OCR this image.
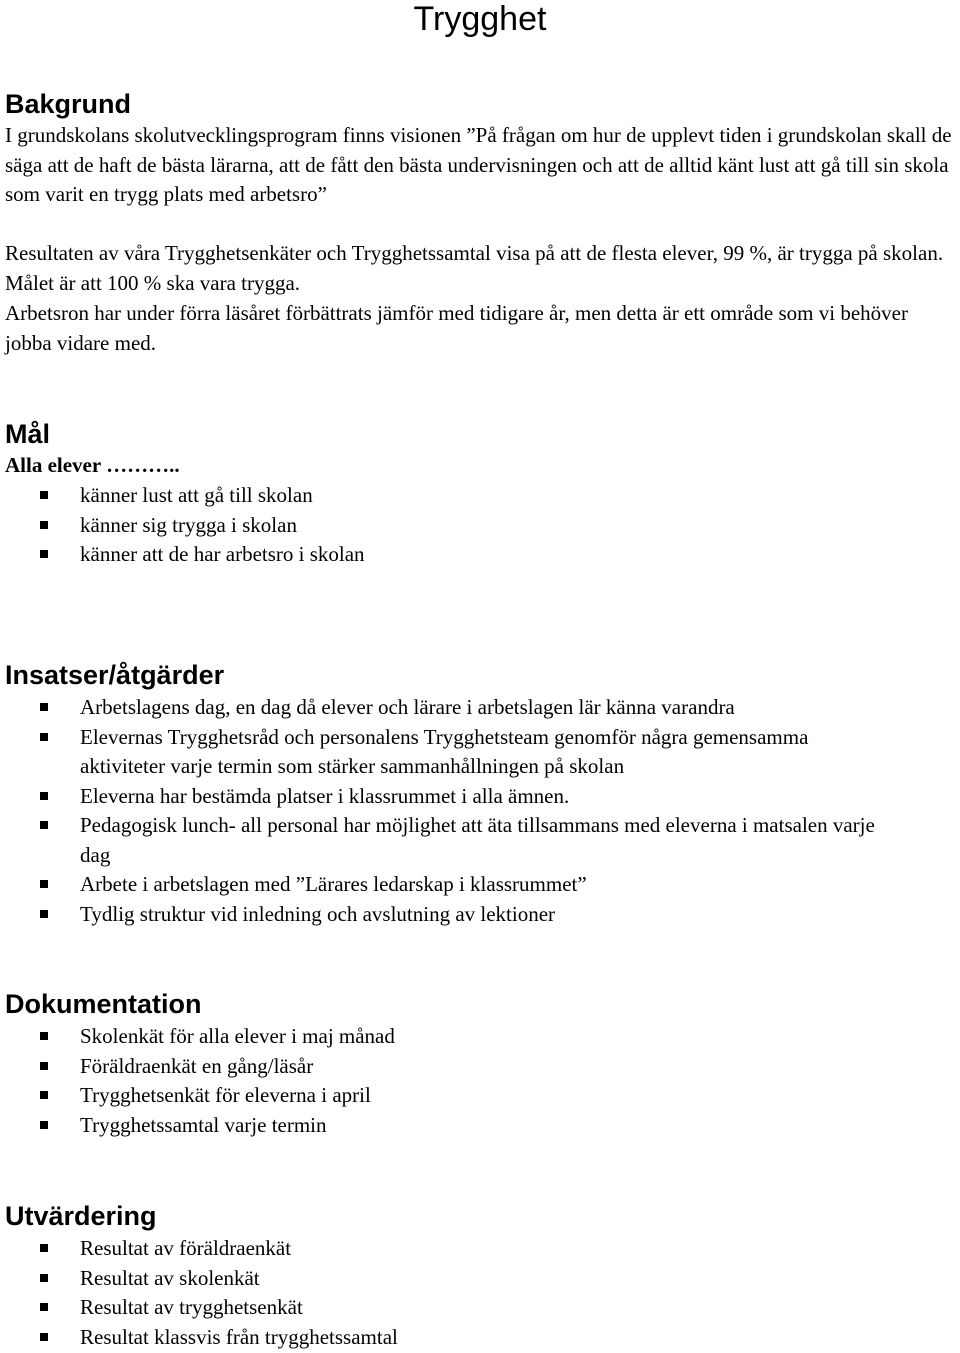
Trygghet
Bakgrund

I grundskolans skolutvecklingsprogram finns visionen ”På frågan om hur de upplevt tiden i grundskolan skall de säga att de haft de bästa lärarna, att de fått den bästa undervisningen och att de alltid känt lust att gå till sin skola som varit en trygg plats med arbetsro”

Resultaten av våra Trygghetsenkäter och Trygghetssamtal visa på att de flesta elever, 99 %, är trygga på skolan. Målet är att 100 % ska vara trygga.

Arbetsron har under förra läsåret förbättrats jämför med tidigare år, men detta är ett område som vi behöver jobba vidare med.

Mål

Alla elever ………..

känner lust att gå till skolan
känner sig trygga i skolan
känner att de har arbetsro i skolan
Insatser/åtgärder
Arbetslagens dag, en dag då elever och lärare i arbetslagen lär känna varandra
Elevernas Trygghetsråd och personalens Trygghetsteam genomför några gemensamma aktiviteter varje termin som stärker sammanhållningen på skolan
Eleverna har bestämda platser i klassrummet i alla ämnen.
Pedagogisk lunch- all personal har möjlighet att äta tillsammans med eleverna i matsalen varje dag
Arbete i arbetslagen med ”Lärares ledarskap i klassrummet”
Tydlig struktur vid inledning och avslutning av lektioner
Dokumentation
Skolenkät för alla elever i maj månad
Föräldraenkät en gång/läsår
Trygghetsenkät för eleverna i april
Trygghetssamtal varje termin
Utvärdering
Resultat av föräldraenkät
Resultat av skolenkät
Resultat av trygghetsenkät
Resultat klassvis från trygghetssamtal
